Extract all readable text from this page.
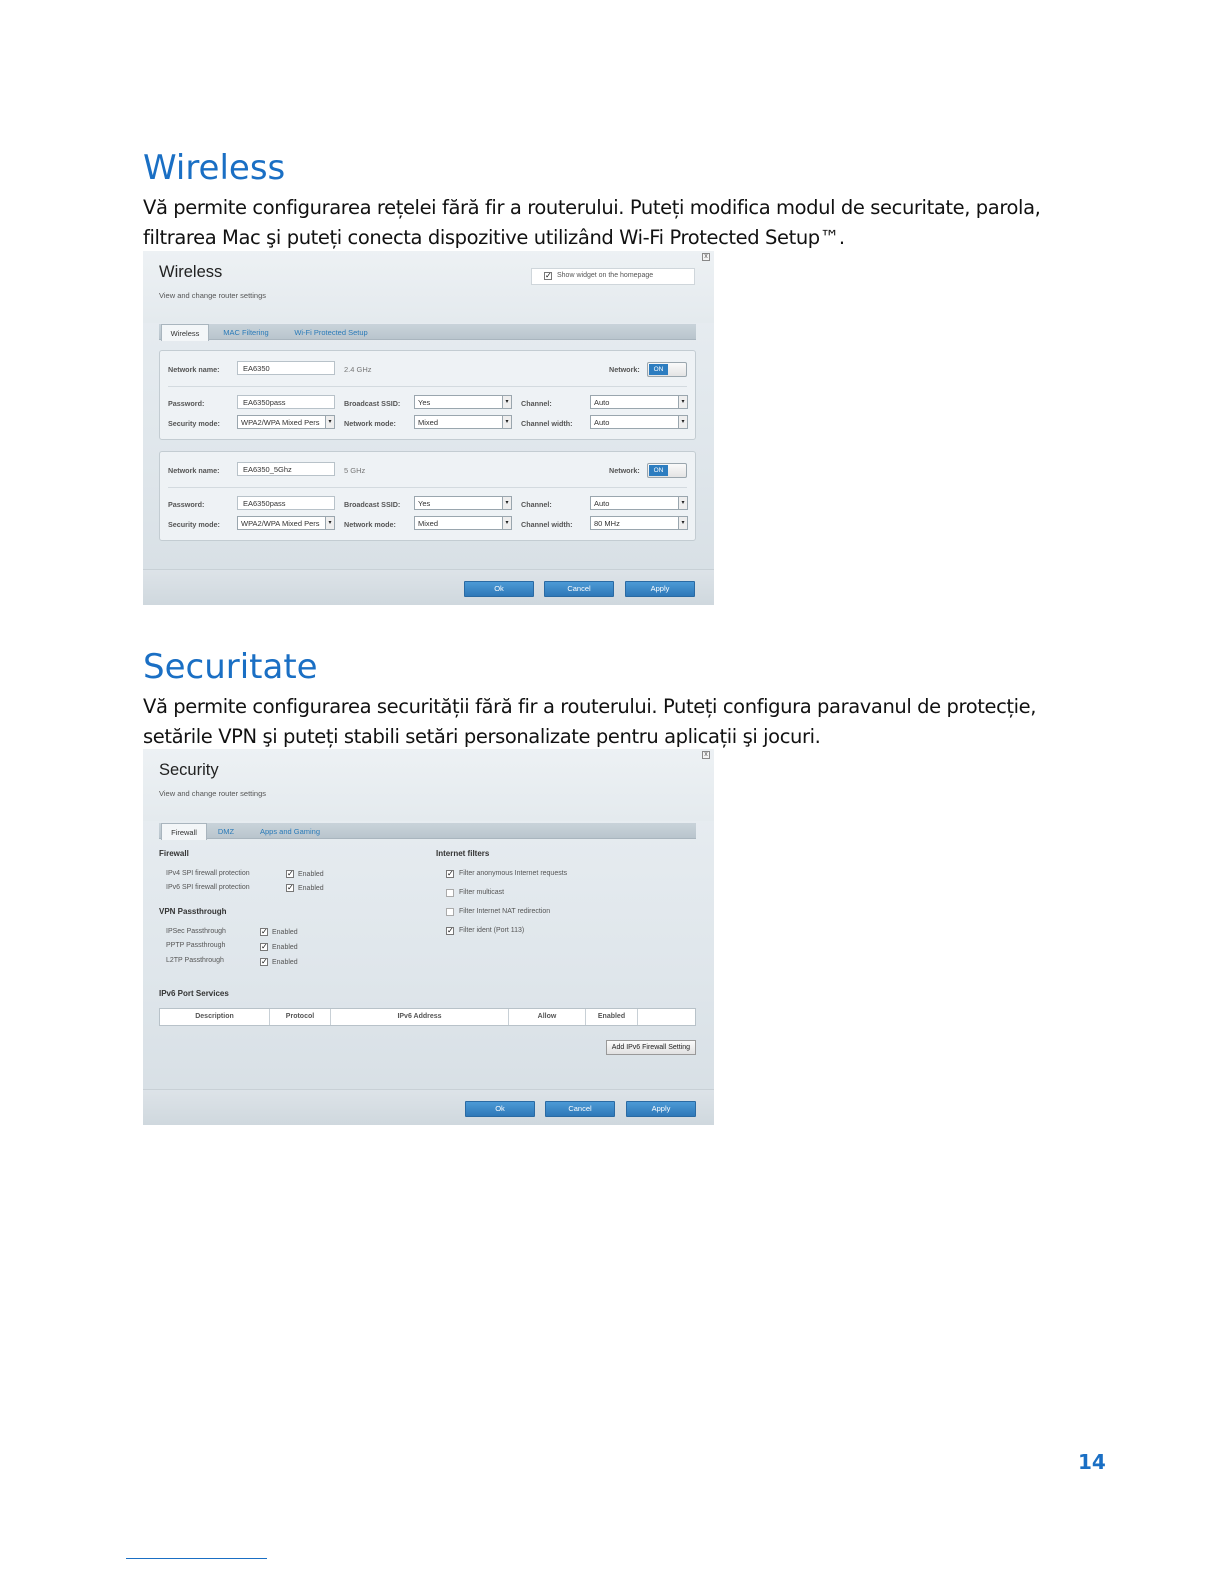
Wireless

Vă permite configurarea rețelei fără fir a routerului. Puteți modifica modul de securitate, parola, filtrarea Mac şi puteți conecta dispozitive utilizând Wi-Fi Protected Setup™.

Wireless
View and change router settings
x
✓ Show widget on the homepage
Wireless	MAC Filtering	Wi-Fi Protected Setup
Network name:	EA6350	2.4 GHz	Network:	ON
Password:	EA6350pass	Broadcast SSID:	Yes	▾	Channel:	Auto	▾
Security mode:	WPA2/WPA Mixed Pers	▾	Network mode:	Mixed	▾	Channel width:	Auto	▾
Network name:	EA6350_5Ghz	5 GHz	Network:	ON
Password:	EA6350pass	Broadcast SSID:	Yes	▾	Channel:	Auto	▾
Security mode:	WPA2/WPA Mixed Pers	▾	Network mode:	Mixed	▾	Channel width:	80 MHz	▾
Ok	Cancel	Apply
Securitate

Vă permite configurarea securității fără fir a routerului. Puteți configura paravanul de protecție, setările VPN şi puteți stabili setări personalizate pentru aplicații şi jocuri.

Security
View and change router settings
x
Firewall	DMZ	Apps and Gaming
Firewall
IPv4 SPI firewall protection	✓ Enabled
IPv6 SPI firewall protection	✓ Enabled
VPN Passthrough
IPSec Passthrough	✓ Enabled
PPTP Passthrough	✓ Enabled
L2TP Passthrough	✓ Enabled
Internet filters
✓ Filter anonymous Internet requests
Filter multicast
Filter Internet NAT redirection
✓ Filter ident (Port 113)
IPv6 Port Services
Description	Protocol	IPv6 Address	Allow	Enabled
Add IPv6 Firewall Setting
Ok	Cancel	Apply
14
